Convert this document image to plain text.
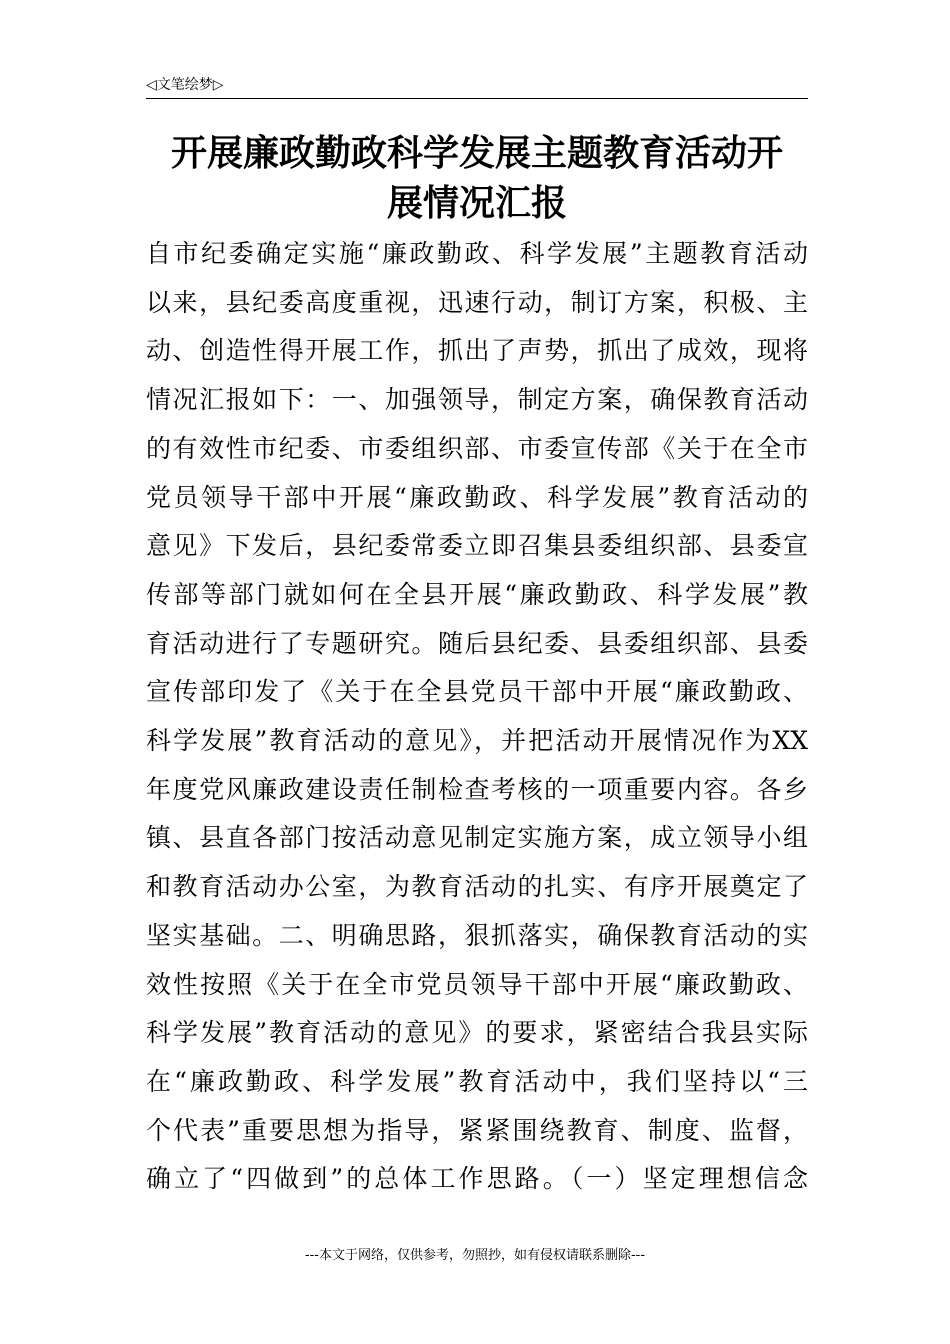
◁文笔绘梦▷
开展廉政勤政科学发展主题教育活动开
展情况汇报
自市纪委确定实施“廉政勤政、科学发展”主题教育活动
以来，县纪委高度重视，迅速行动，制订方案，积极、主
动、创造性得开展工作，抓出了声势，抓出了成效，现将
情况汇报如下：一、加强领导，制定方案，确保教育活动
的有效性市纪委、市委组织部、市委宣传部《关于在全市
党员领导干部中开展“廉政勤政、科学发展”教育活动的
意见》下发后，县纪委常委立即召集县委组织部、县委宣
传部等部门就如何在全县开展“廉政勤政、科学发展”教
育活动进行了专题研究。随后县纪委、县委组织部、县委
宣传部印发了《关于在全县党员干部中开展“廉政勤政、
科学发展”教育活动的意见》，并把活动开展情况作为XX
年度党风廉政建设责任制检查考核的一项重要内容。各乡
镇、县直各部门按活动意见制定实施方案，成立领导小组
和教育活动办公室，为教育活动的扎实、有序开展奠定了
坚实基础。二、明确思路，狠抓落实，确保教育活动的实
效性按照《关于在全市党员领导干部中开展“廉政勤政、
科学发展”教育活动的意见》的要求，紧密结合我县实际
在“廉政勤政、科学发展”教育活动中，我们坚持以“三
个代表”重要思想为指导，紧紧围绕教育、制度、监督，
确立了“四做到”的总体工作思路。（一）坚定理想信念
---本文于网络，仅供参考，勿照抄，如有侵权请联系删除---
